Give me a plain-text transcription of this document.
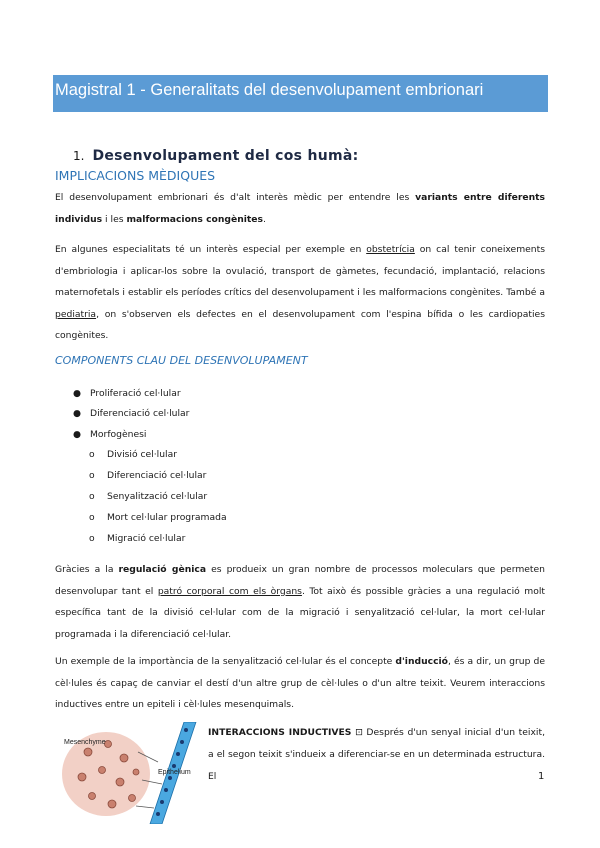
Magistral 1 - Generalitats del desenvolupament embrionari
1. Desenvolupament del cos humà:
IMPLICACIONS MÈDIQUES
El desenvolupament embrionari és d'alt interès mèdic per entendre les variants entre diferents individus i les malformacions congènites.
En algunes especialitats té un interès especial per exemple en obstetrícia on cal tenir coneixements d'embriologia i aplicar-los sobre la ovulació, transport de gàmetes, fecundació, implantació, relacions maternofetals i establir els períodes crítics del desenvolupament i les malformacions congènites. També a pediatria, on s'observen els defectes en el desenvolupament com l'espina bífida o les cardiopaties congènites.
COMPONENTS CLAU DEL DESENVOLUPAMENT
● Proliferació cel·lular
● Diferenciació cel·lular
● Morfogènesi
o Divisió cel·lular
o Diferenciació cel·lular
o Senyalització cel·lular
o Mort cel·lular programada
o Migració cel·lular
Gràcies a la regulació gènica es produeix un gran nombre de processos moleculars que permeten desenvolupar tant el patró corporal com els òrgans. Tot això és possible gràcies a una regulació molt específica tant de la divisió cel·lular com de la migració i senyalització cel·lular, la mort cel·lular programada i la diferenciació cel·lular.
Un exemple de la importància de la senyalització cel·lular és el concepte d'inducció, és a dir, un grup de cèl·lules és capaç de canviar el destí d'un altre grup de cèl·lules o d'un altre teixit. Veurem interaccions inductives entre un epiteli i cèl·lules mesenquimals.
Mesenchyme
Epithelium
INTERACCIONS INDUCTIVES ⊡ Després d'un senyal inicial d'un teixit, a el segon teixit s'indueix a diferenciar-se en un determinada estructura. El	1
